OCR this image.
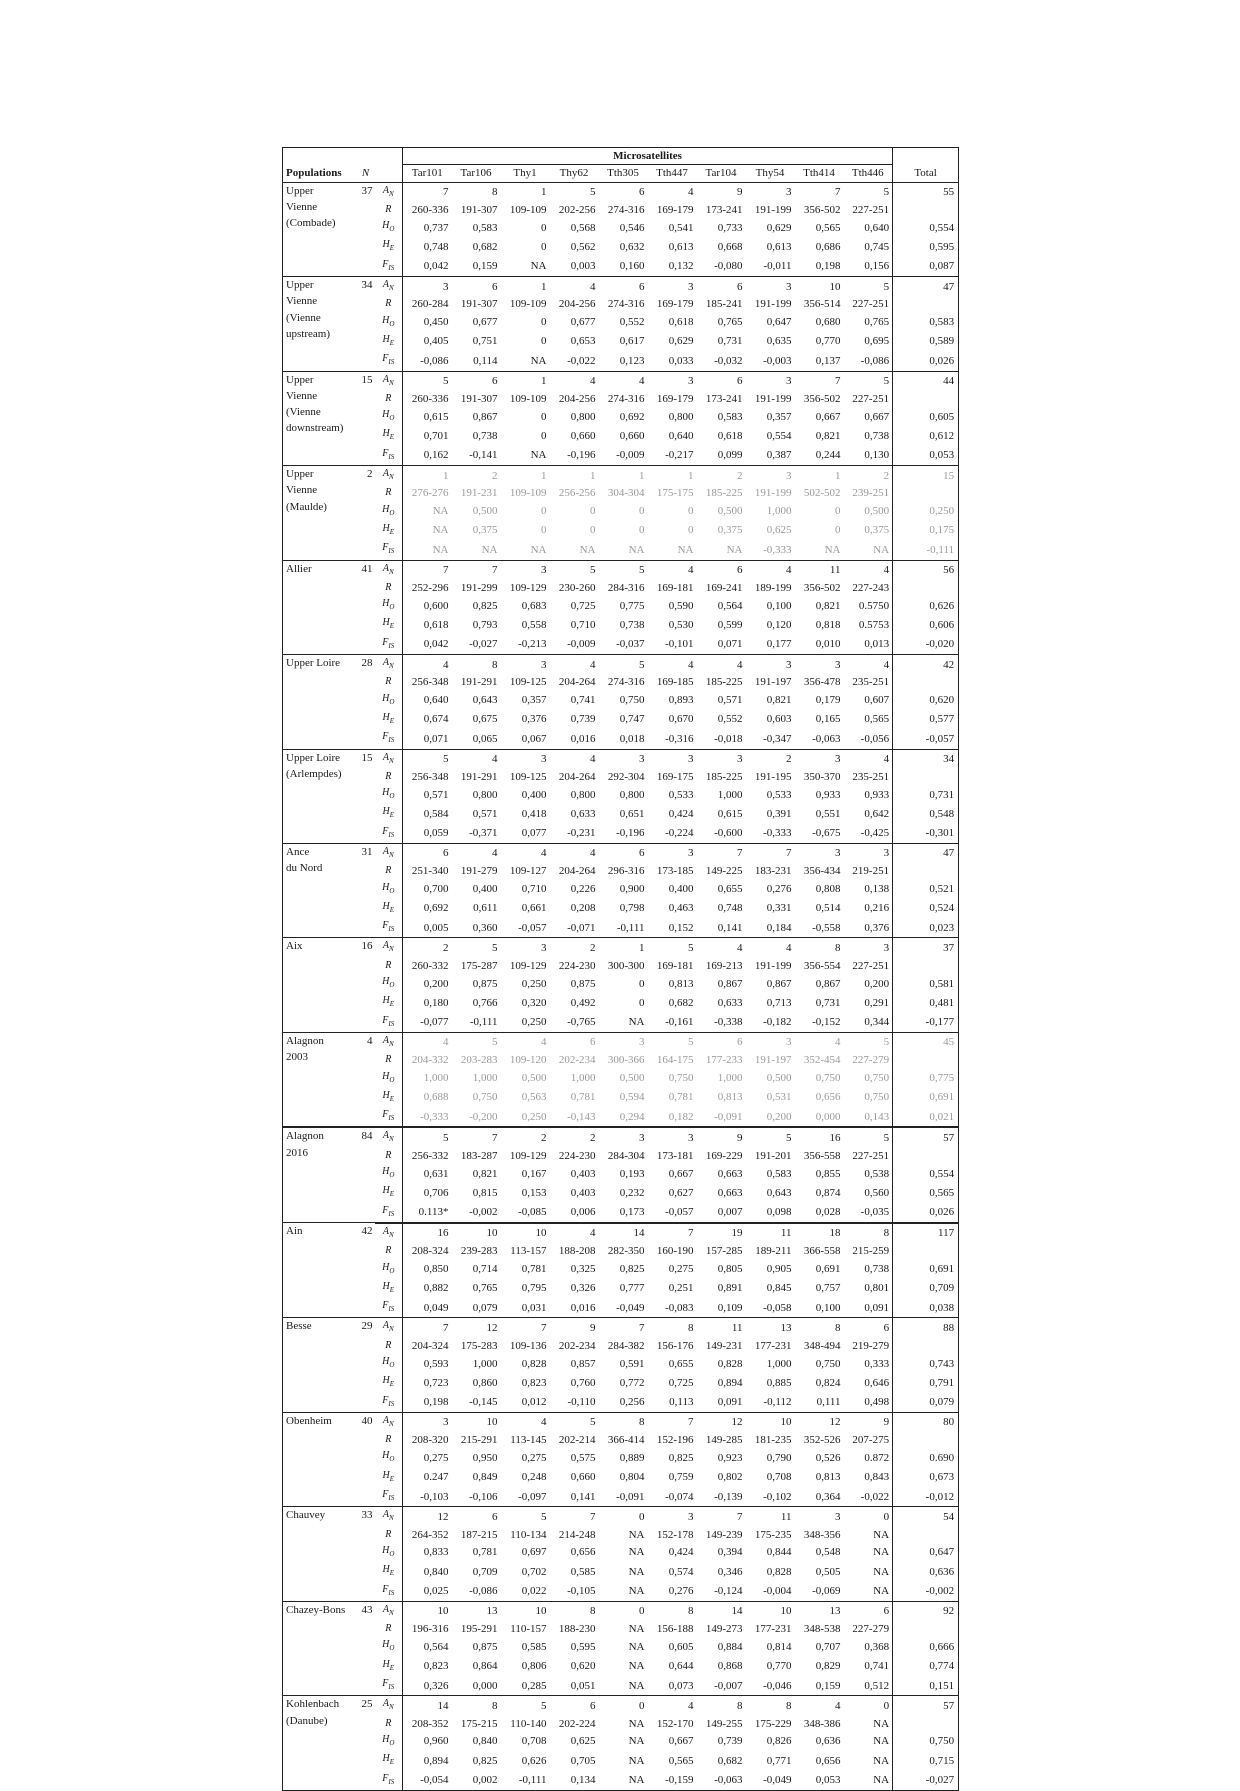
			Microsatellites										
Populations	N		Tar101	Tar106	Thy1	Thy62	Tth305	Tth447	Tar104	Thy54	Tth414	Tth446	Total

Upper
Vienne
(Combade)	37	$A_N$	7	8	1	5	6	4	9	3	7	5	55
		R	260-336	191-307	109-109	202-256	274-316	169-179	173-241	191-199	356-502	227-251	
		$H_O$	0,737	0,583	0	0,568	0,546	0,541	0,733	0,629	0,565	0,640	0,554
		$H_E$	0,748	0,682	0	0,562	0,632	0,613	0,668	0,613	0,686	0,745	0,595
		$F_{IS}$	0,042	0,159	NA	0,003	0,160	0,132	-0,080	-0,011	0,198	0,156	0,087

Upper
Vienne
(Vienne
upstream)	34	$A_N$	3	6	1	4	6	3	6	3	10	5	47
		R	260-284	191-307	109-109	204-256	274-316	169-179	185-241	191-199	356-514	227-251	
		$H_O$	0,450	0,677	0	0,677	0,552	0,618	0,765	0,647	0,680	0,765	0,583
		$H_E$	0,405	0,751	0	0,653	0,617	0,629	0,731	0,635	0,770	0,695	0,589
		$F_{IS}$	-0,086	0,114	NA	-0,022	0,123	0,033	-0,032	-0,003	0,137	-0,086	0,026

Upper
Vienne
(Vienne
downstream)	15	$A_N$	5	6	1	4	4	3	6	3	7	5	44
		R	260-336	191-307	109-109	204-256	274-316	169-179	173-241	191-199	356-502	227-251	
		$H_O$	0,615	0,867	0	0,800	0,692	0,800	0,583	0,357	0,667	0,667	0,605
		$H_E$	0,701	0,738	0	0,660	0,660	0,640	0,618	0,554	0,821	0,738	0,612
		$F_{IS}$	0,162	-0,141	NA	-0,196	-0,009	-0,217	0,099	0,387	0,244	0,130	0,053

Upper
Vienne
(Maulde)	2	$A_N$	1	2	1	1	1	1	2	3	1	2	15
		R	276-276	191-231	109-109	256-256	304-304	175-175	185-225	191-199	502-502	239-251	
		$H_O$	NA	0,500	0	0	0	0	0,500	1,000	0	0,500	0,250
		$H_E$	NA	0,375	0	0	0	0	0,375	0,625	0	0,375	0,175
		$F_{IS}$	NA	NA	NA	NA	NA	NA	NA	-0,333	NA	NA	-0,111

Allier	41	$A_N$	7	7	3	5	5	4	6	4	11	4	56
		R	252-296	191-299	109-129	230-260	284-316	169-181	169-241	189-199	356-502	227-243	
		$H_O$	0,600	0,825	0,683	0,725	0,775	0,590	0,564	0,100	0,821	0.5750	0,626
		$H_E$	0,618	0,793	0,558	0,710	0,738	0,530	0,599	0,120	0,818	0.5753	0,606
		$F_{IS}$	0,042	-0,027	-0,213	-0,009	-0,037	-0,101	0,071	0,177	0,010	0,013	-0,020

Upper Loire	28	$A_N$	4	8	3	4	5	4	4	3	3	4	42
		R	256-348	191-291	109-125	204-264	274-316	169-185	185-225	191-197	356-478	235-251	
		$H_O$	0,640	0,643	0,357	0,741	0,750	0,893	0,571	0,821	0,179	0,607	0,620
		$H_E$	0,674	0,675	0,376	0,739	0,747	0,670	0,552	0,603	0,165	0,565	0,577
		$F_{IS}$	0,071	0,065	0,067	0,016	0,018	-0,316	-0,018	-0,347	-0,063	-0,056	-0,057

Upper Loire
(Arlempdes)	15	$A_N$	5	4	3	4	3	3	3	2	3	4	34
		R	256-348	191-291	109-125	204-264	292-304	169-175	185-225	191-195	350-370	235-251	
		$H_O$	0,571	0,800	0,400	0,800	0,800	0,533	1,000	0,533	0,933	0,933	0,731
		$H_E$	0,584	0,571	0,418	0,633	0,651	0,424	0,615	0,391	0,551	0,642	0,548
		$F_{IS}$	0,059	-0,371	0,077	-0,231	-0,196	-0,224	-0,600	-0,333	-0,675	-0,425	-0,301

Ance
du Nord	31	$A_N$	6	4	4	4	6	3	7	7	3	3	47
		R	251-340	191-279	109-127	204-264	296-316	173-185	149-225	183-231	356-434	219-251	
		$H_O$	0,700	0,400	0,710	0,226	0,900	0,400	0,655	0,276	0,808	0,138	0,521
		$H_E$	0,692	0,611	0,661	0,208	0,798	0,463	0,748	0,331	0,514	0,216	0,524
		$F_{IS}$	0,005	0,360	-0,057	-0,071	-0,111	0,152	0,141	0,184	-0,558	0,376	0,023

Aix	16	$A_N$	2	5	3	2	1	5	4	4	8	3	37
		R	260-332	175-287	109-129	224-230	300-300	169-181	169-213	191-199	356-554	227-251	
		$H_O$	0,200	0,875	0,250	0,875	0	0,813	0,867	0,867	0,867	0,200	0,581
		$H_E$	0,180	0,766	0,320	0,492	0	0,682	0,633	0,713	0,731	0,291	0,481
		$F_{IS}$	-0,077	-0,111	0,250	-0,765	NA	-0,161	-0,338	-0,182	-0,152	0,344	-0,177

Alagnon
2003	4	$A_N$	4	5	4	6	3	5	6	3	4	5	45
		R	204-332	203-283	109-120	202-234	300-366	164-175	177-233	191-197	352-454	227-279	
		$H_O$	1,000	1,000	0,500	1,000	0,500	0,750	1,000	0,500	0,750	0,750	0,775
		$H_E$	0,688	0,750	0,563	0,781	0,594	0,781	0,813	0,531	0,656	0,750	0,691
		$F_{IS}$	-0,333	-0,200	0,250	-0,143	0,294	0,182	-0,091	0,200	0,000	0,143	0,021

Alagnon
2016	84	$A_N$	5	7	2	2	3	3	9	5	16	5	57
		R	256-332	183-287	109-129	224-230	284-304	173-181	169-229	191-201	356-558	227-251	
		$H_O$	0,631	0,821	0,167	0,403	0,193	0,667	0,663	0,583	0,855	0,538	0,554
		$H_E$	0,706	0,815	0,153	0,403	0,232	0,627	0,663	0,643	0,874	0,560	0,565
		$F_{IS}$	0.113*	-0,002	-0,085	0,006	0,173	-0,057	0,007	0,098	0,028	-0,035	0,026

Ain	42	$A_N$	16	10	10	4	14	7	19	11	18	8	117
		R	208-324	239-283	113-157	188-208	282-350	160-190	157-285	189-211	366-558	215-259	
		$H_O$	0,850	0,714	0,781	0,325	0,825	0,275	0,805	0,905	0,691	0,738	0,691
		$H_E$	0,882	0,765	0,795	0,326	0,777	0,251	0,891	0,845	0,757	0,801	0,709
		$F_{IS}$	0,049	0,079	0,031	0,016	-0,049	-0,083	0,109	-0,058	0,100	0,091	0,038

Besse	29	$A_N$	7	12	7	9	7	8	11	13	8	6	88
		R	204-324	175-283	109-136	202-234	284-382	156-176	149-231	177-231	348-494	219-279	
		$H_O$	0,593	1,000	0,828	0,857	0,591	0,655	0,828	1,000	0,750	0,333	0,743
		$H_E$	0,723	0,860	0,823	0,760	0,772	0,725	0,894	0,885	0,824	0,646	0,791
		$F_{IS}$	0,198	-0,145	0,012	-0,110	0,256	0,113	0,091	-0,112	0,111	0,498	0,079

Obenheim	40	$A_N$	3	10	4	5	8	7	12	10	12	9	80
		R	208-320	215-291	113-145	202-214	366-414	152-196	149-285	181-235	352-526	207-275	
		$H_O$	0,275	0,950	0,275	0,575	0,889	0,825	0,923	0,790	0,526	0.872	0.690
		$H_E$	0.247	0,849	0,248	0,660	0,804	0,759	0,802	0,708	0,813	0,843	0,673
		$F_{IS}$	-0,103	-0,106	-0,097	0,141	-0,091	-0,074	-0,139	-0,102	0,364	-0,022	-0,012

Chauvey	33	$A_N$	12	6	5	7	0	3	7	11	3	0	54
		R	264-352	187-215	110-134	214-248	NA	152-178	149-239	175-235	348-356	NA	
		$H_O$	0,833	0,781	0,697	0,656	NA	0,424	0,394	0,844	0,548	NA	0,647
		$H_E$	0,840	0,709	0,702	0,585	NA	0,574	0,346	0,828	0,505	NA	0,636
		$F_{IS}$	0,025	-0,086	0,022	-0,105	NA	0,276	-0,124	-0,004	-0,069	NA	-0,002

Chazey-Bons	43	$A_N$	10	13	10	8	0	8	14	10	13	6	92
		R	196-316	195-291	110-157	188-230	NA	156-188	149-273	177-231	348-538	227-279	
		$H_O$	0,564	0,875	0,585	0,595	NA	0,605	0,884	0,814	0,707	0,368	0,666
		$H_E$	0,823	0,864	0,806	0,620	NA	0,644	0,868	0,770	0,829	0,741	0,774
		$F_{IS}$	0,326	0,000	0,285	0,051	NA	0,073	-0,007	-0,046	0,159	0,512	0,151

Kohlenbach
(Danube)	25	$A_N$	14	8	5	6	0	4	8	8	4	0	57
		R	208-352	175-215	110-140	202-224	NA	152-170	149-255	175-229	348-386	NA	
		$H_O$	0,960	0,840	0,708	0,625	NA	0,667	0,739	0,826	0,636	NA	0,750
		$H_E$	0,894	0,825	0,626	0,705	NA	0,565	0,682	0,771	0,656	NA	0,715
		$F_{IS}$	-0,054	0,002	-0,111	0,134	NA	-0,159	-0,063	-0,049	0,053	NA	-0,027
